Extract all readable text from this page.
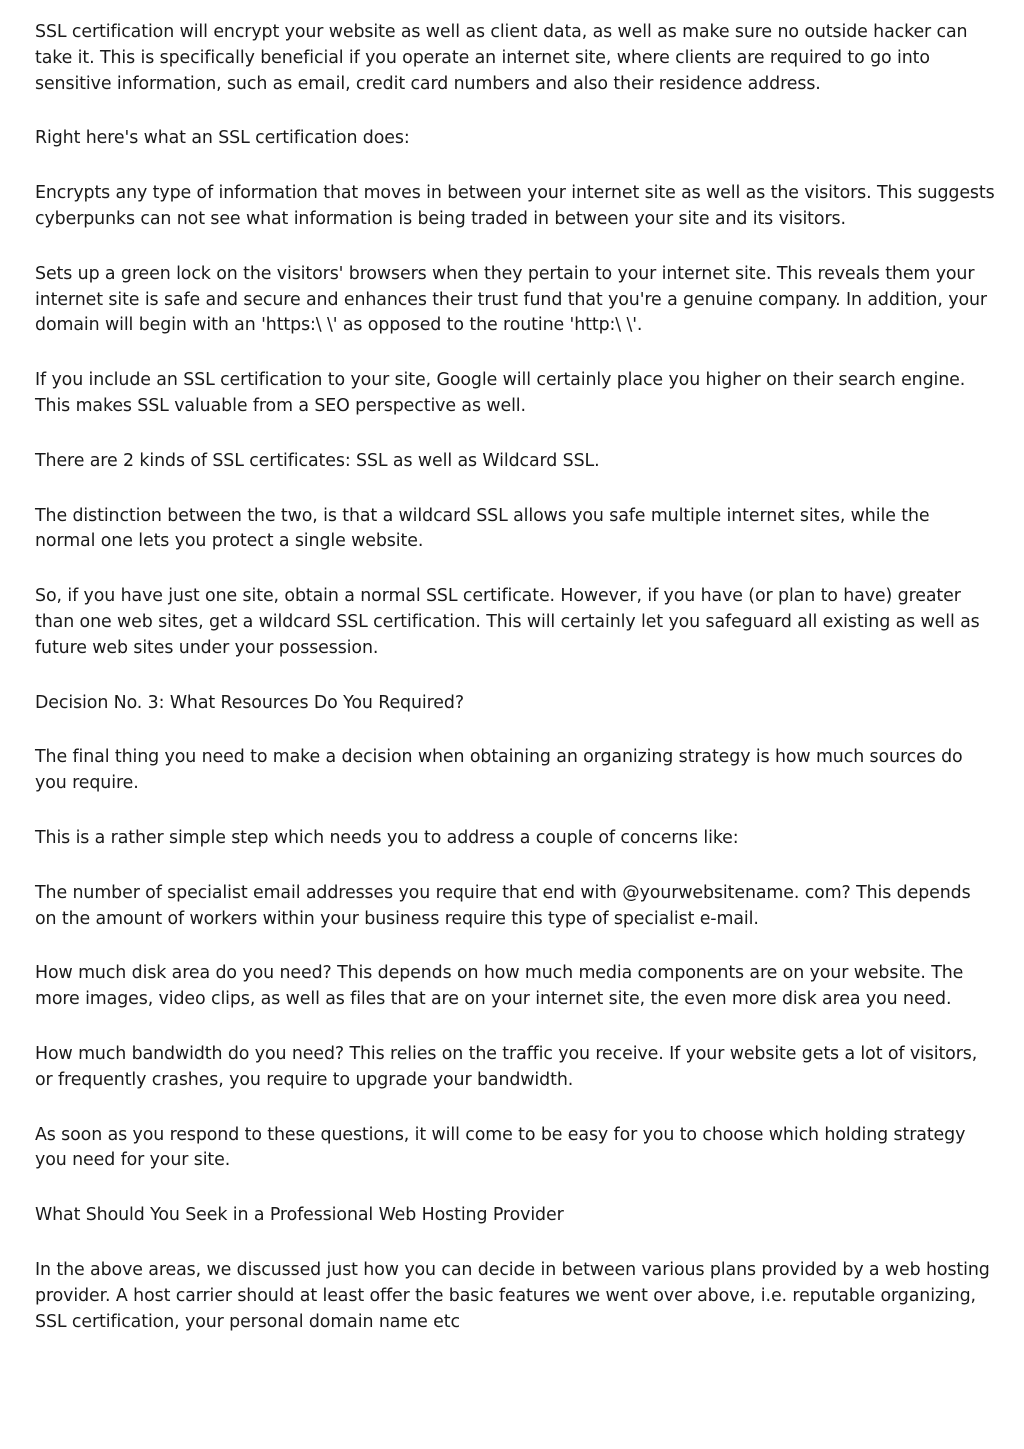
SSL certification will encrypt your website as well as client data, as well as make sure no outside hacker can take it. This is specifically beneficial if you operate an internet site, where clients are required to go into sensitive information, such as email, credit card numbers and also their residence address.

Right here's what an SSL certification does:

Encrypts any type of information that moves in between your internet site as well as the visitors. This suggests cyberpunks can not see what information is being traded in between your site and its visitors.

Sets up a green lock on the visitors' browsers when they pertain to your internet site. This reveals them your internet site is safe and secure and enhances their trust fund that you're a genuine company. In addition, your domain will begin with an 'https:\ \' as opposed to the routine 'http:\ \'.

If you include an SSL certification to your site, Google will certainly place you higher on their search engine. This makes SSL valuable from a SEO perspective as well.

There are 2 kinds of SSL certificates: SSL as well as Wildcard SSL.

The distinction between the two, is that a wildcard SSL allows you safe multiple internet sites, while the normal one lets you protect a single website.

So, if you have just one site, obtain a normal SSL certificate. However, if you have (or plan to have) greater than one web sites, get a wildcard SSL certification. This will certainly let you safeguard all existing as well as future web sites under your possession.

Decision No. 3: What Resources Do You Required?

The final thing you need to make a decision when obtaining an organizing strategy is how much sources do you require.

This is a rather simple step which needs you to address a couple of concerns like:

The number of specialist email addresses you require that end with @yourwebsitename. com? This depends on the amount of workers within your business require this type of specialist e-mail.

How much disk area do you need? This depends on how much media components are on your website. The more images, video clips, as well as files that are on your internet site, the even more disk area you need.

How much bandwidth do you need? This relies on the traffic you receive. If your website gets a lot of visitors, or frequently crashes, you require to upgrade your bandwidth.

As soon as you respond to these questions, it will come to be easy for you to choose which holding strategy you need for your site.

What Should You Seek in a Professional Web Hosting Provider

In the above areas, we discussed just how you can decide in between various plans provided by a web hosting provider. A host carrier should at least offer the basic features we went over above, i.e. reputable organizing, SSL certification, your personal domain name etc
